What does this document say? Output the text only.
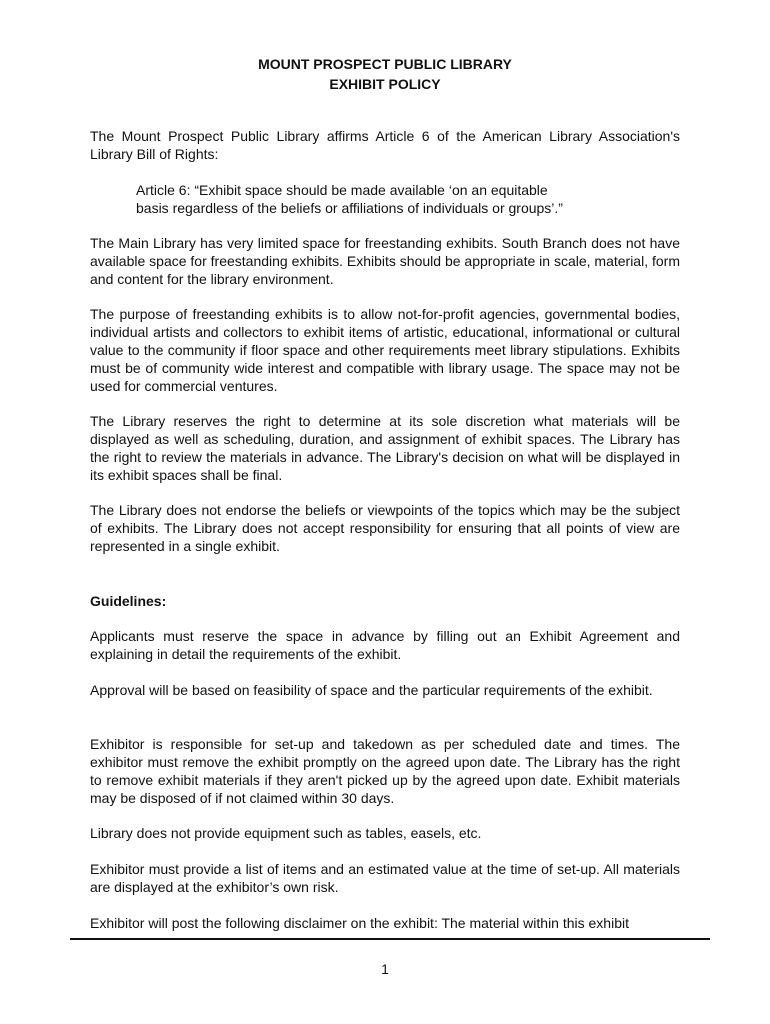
MOUNT PROSPECT PUBLIC LIBRARY
EXHIBIT POLICY

The Mount Prospect Public Library affirms Article 6 of the American Library Association's Library Bill of Rights:

Article 6: “Exhibit space should be made available ‘on an equitable

basis regardless of the beliefs or affiliations of individuals or groups’.”

The Main Library has very limited space for freestanding exhibits. South Branch does not have available space for freestanding exhibits. Exhibits should be appropriate in scale, material, form and content for the library environment.

The purpose of freestanding exhibits is to allow not-for-profit agencies, governmental bodies, individual artists and collectors to exhibit items of artistic, educational, informational or cultural value to the community if floor space and other requirements meet library stipulations. Exhibits must be of community wide interest and compatible with library usage. The space may not be used for commercial ventures.

The Library reserves the right to determine at its sole discretion what materials will be displayed as well as scheduling, duration, and assignment of exhibit spaces. The Library has the right to review the materials in advance. The Library's decision on what will be displayed in its exhibit spaces shall be final.

The Library does not endorse the beliefs or viewpoints of the topics which may be the subject of exhibits. The Library does not accept responsibility for ensuring that all points of view are represented in a single exhibit.

Guidelines:

Applicants must reserve the space in advance by filling out an Exhibit Agreement and explaining in detail the requirements of the exhibit.

Approval will be based on feasibility of space and the particular requirements of the exhibit.

Exhibitor is responsible for set-up and takedown as per scheduled date and times. The exhibitor must remove the exhibit promptly on the agreed upon date. The Library has the right to remove exhibit materials if they aren't picked up by the agreed upon date. Exhibit materials may be disposed of if not claimed within 30 days.

Library does not provide equipment such as tables, easels, etc.

Exhibitor must provide a list of items and an estimated value at the time of set-up. All materials are displayed at the exhibitor’s own risk.

Exhibitor will post the following disclaimer on the exhibit: The material within this exhibit

1
